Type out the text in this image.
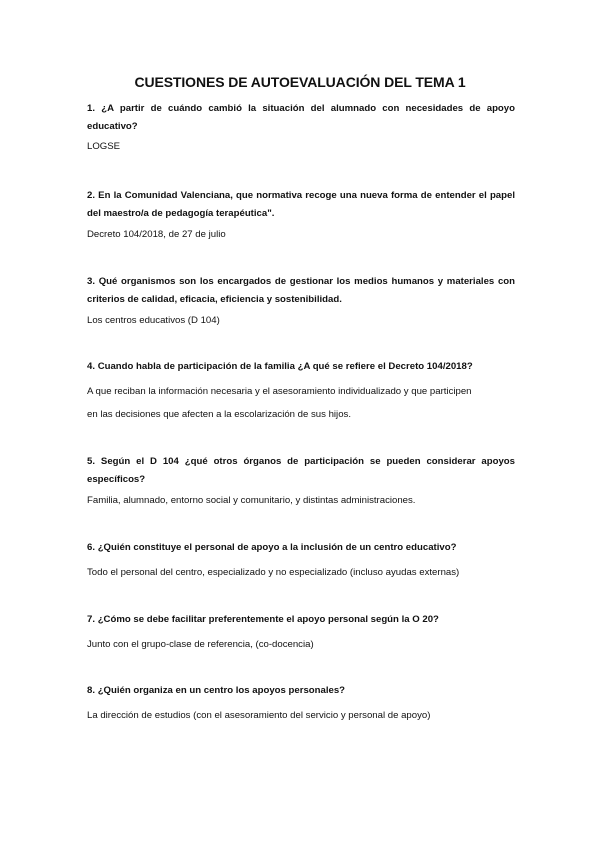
CUESTIONES DE AUTOEVALUACIÓN DEL TEMA 1
1. ¿A partir de cuándo cambió la situación del alumnado con necesidades de apoyo educativo?
LOGSE
2. En la Comunidad Valenciana, que normativa recoge una nueva forma de entender el papel del maestro/a de pedagogía terapéutica".
Decreto 104/2018, de 27 de julio
3. Qué organismos son los encargados de gestionar los medios humanos y materiales con criterios de calidad, eficacia, eficiencia y sostenibilidad.
Los centros educativos (D 104)
4. Cuando habla de participación de la familia ¿A qué se refiere el Decreto 104/2018?
A que reciban la información necesaria y el asesoramiento individualizado y que participen
en las decisiones que afecten a la escolarización de sus hijos.
5. Según el D 104 ¿qué otros órganos de participación se pueden considerar apoyos específicos?
Familia, alumnado, entorno social y comunitario, y distintas administraciones.
6. ¿Quién constituye el personal de apoyo a la inclusión de un centro educativo?
Todo el personal del centro, especializado y no especializado (incluso ayudas externas)
7. ¿Cómo se debe facilitar preferentemente el apoyo personal según la O 20?
Junto con el grupo-clase de referencia, (co-docencia)
8. ¿Quién organiza en un centro los apoyos personales?
La dirección de estudios (con el asesoramiento del servicio y personal de apoyo)
